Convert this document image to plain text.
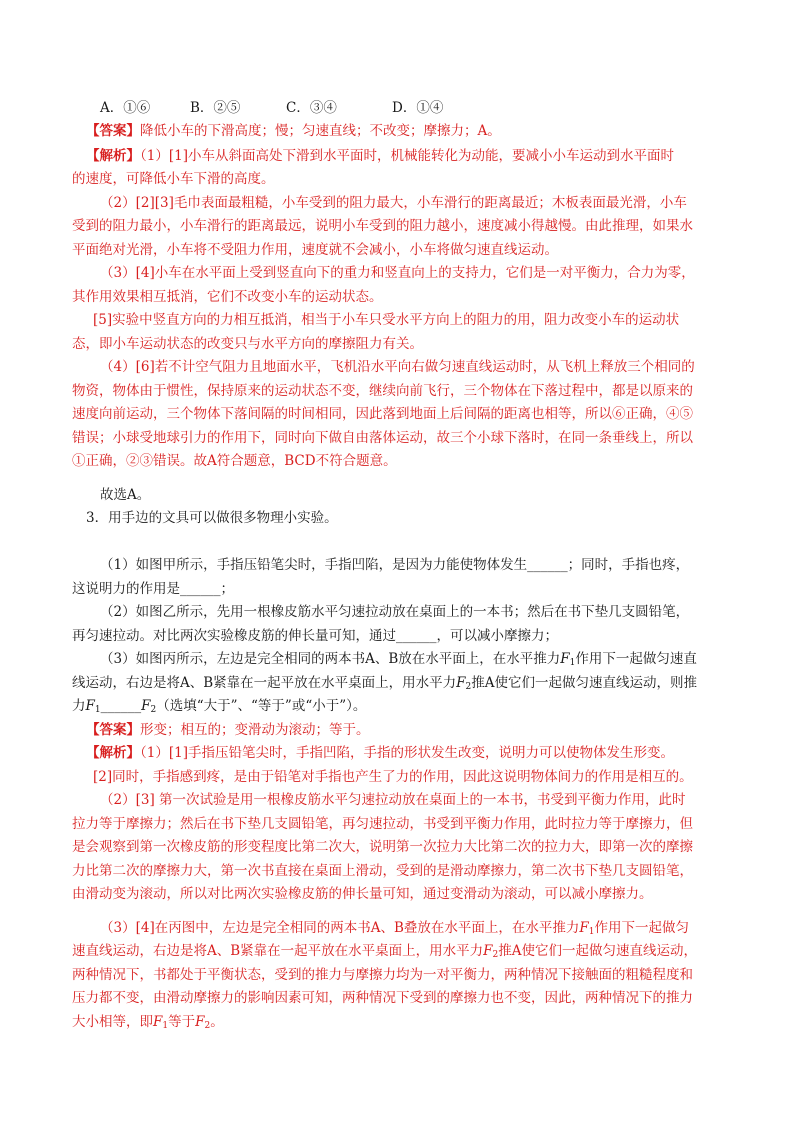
A．①⑥	B．②⑤	C．③④	D．①④
【答案】降低小车的下滑高度；慢；匀速直线；不改变；摩擦力；A。
【解析】（1）[1]小车从斜面高处下滑到水平面时，机械能转化为动能，要减小小车运动到水平面时
的速度，可降低小车下滑的高度。
（2）[2][3]毛巾表面最粗糙，小车受到的阻力最大，小车滑行的距离最近；木板表面最光滑，小车
受到的阻力最小，小车滑行的距离最远，说明小车受到的阻力越小，速度减小得越慢。由此推理，如果水
平面绝对光滑，小车将不受阻力作用，速度就不会减小，小车将做匀速直线运动。
（3）[4]小车在水平面上受到竖直向下的重力和竖直向上的支持力，它们是一对平衡力，合力为零，
其作用效果相互抵消，它们不改变小车的运动状态。
[5]实验中竖直方向的力相互抵消，相当于小车只受水平方向上的阻力的用，阻力改变小车的运动状
态，即小车运动状态的改变只与水平方向的摩擦阻力有关。
（4）[6]若不计空气阻力且地面水平，飞机沿水平向右做匀速直线运动时，从飞机上释放三个相同的
物资，物体由于惯性，保持原来的运动状态不变，继续向前飞行，三个物体在下落过程中，都是以原来的
速度向前运动，三个物体下落间隔的时间相同，因此落到地面上后间隔的距离也相等，所以⑥正确，④⑤
错误；小球受地球引力的作用下，同时向下做自由落体运动，故三个小球下落时，在同一条垂线上，所以
①正确，②③错误。故A符合题意，BCD不符合题意。
故选A。
3．用手边的文具可以做很多物理小实验。
（1）如图甲所示，手指压铅笔尖时，手指凹陷，是因为力能使物体发生______；同时，手指也疼，
这说明力的作用是______；
（2）如图乙所示，先用一根橡皮筋水平匀速拉动放在桌面上的一本书；然后在书下垫几支圆铅笔，
再匀速拉动。对比两次实验橡皮筋的伸长量可知，通过______，可以减小摩擦力；
（3）如图丙所示，左边是完全相同的两本书A、B放在水平面上，在水平推力$F_1$作用下一起做匀速直
线运动，右边是将A、B紧靠在一起平放在水平桌面上，用水平力$F_2$推A使它们一起做匀速直线运动，则推
力$F_1\_\_\_\_\_\_F_2$（选填“大于”、“等于”或“小于”）。
【答案】形变；相互的；变滑动为滚动；等于。
【解析】（1）[1]手指压铅笔尖时，手指凹陷，手指的形状发生改变，说明力可以使物体发生形变。
[2]同时，手指感到疼，是由于铅笔对手指也产生了力的作用，因此这说明物体间力的作用是相互的。
（2）[3] 第一次试验是用一根橡皮筋水平匀速拉动放在桌面上的一本书，书受到平衡力作用，此时
拉力等于摩擦力；然后在书下垫几支圆铅笔，再匀速拉动，书受到平衡力作用，此时拉力等于摩擦力，但
是会观察到第一次橡皮筋的形变程度比第二次大，说明第一次拉力大比第二次的拉力大，即第一次的摩擦
力比第二次的摩擦力大，第一次书直接在桌面上滑动，受到的是滑动摩擦力，第二次书下垫几支圆铅笔，
由滑动变为滚动，所以对比两次实验橡皮筋的伸长量可知，通过变滑动为滚动，可以减小摩擦力。
（3）[4]在丙图中，左边是完全相同的两本书A、B叠放在水平面上，在水平推力$F_1$作用下一起做匀
速直线运动，右边是将A、B紧靠在一起平放在水平桌面上，用水平力$F_2$推A使它们一起做匀速直线运动，
两种情况下，书都处于平衡状态，受到的推力与摩擦力均为一对平衡力，两种情况下接触面的粗糙程度和
压力都不变，由滑动摩擦力的影响因素可知，两种情况下受到的摩擦力也不变，因此，两种情况下的推力
大小相等，即$F_1$等于$F_2$。
